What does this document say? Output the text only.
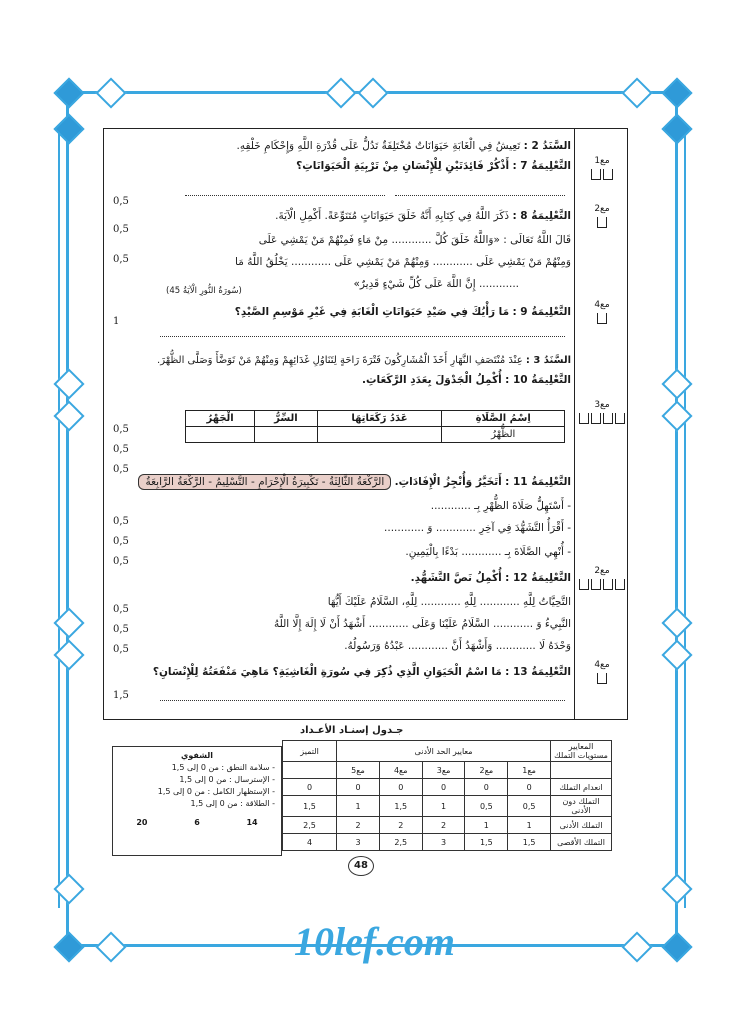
مع1
مع2
مع4
مع3
مع2
مع4
0,5
0,5
0,5
1
0,5
0,5
0,5
0,5
0,5
0,5
0,5
0,5
0,5
1,5
السَّنَدُ 2 : تَعِيشُ فِي الْغَابَةِ حَيَوَانَاتٌ مُخْتَلِفَةٌ تَدُلُّ عَلَى قُدْرَةِ اللَّهِ وَإِحْكَامِ خَلْقِهِ.
التَّعْلِيمَةُ 7 : أَذْكُرْ فَائِدَتَيْنِ لِلْإِنْسَانِ مِنْ تَرْبِيَةِ الْحَيَوَانَاتِ؟
التَّعْلِيمَةُ 8 : ذَكَرَ اللَّهُ فِي كِتَابِهِ أَنَّهُ خَلَقَ حَيَوَانَاتٍ مُتَنَوِّعَةً. أَكْمِلِ الْآيَةَ.
قَالَ اللَّهُ تَعَالَى : «وَاللَّهُ خَلَقَ كُلَّ ............ مِنْ مَاءٍ فَمِنْهُمْ مَنْ يَمْشِي عَلَى
وَمِنْهُمْ مَنْ يَمْشِي عَلَى ............ وَمِنْهُمْ مَنْ يَمْشِي عَلَى ............ يَخْلُقُ اللَّهُ مَا
............ إِنَّ اللَّهَ عَلَى كُلِّ شَيْءٍ قَدِيرٌ»
(سُورَةُ النُّورِ الْآيَةُ 45)
التَّعْلِيمَةُ 9 : مَا رَأْيُكَ فِي صَيْدِ حَيَوَانَاتِ الْغَابَةِ فِي غَيْرِ مَوْسِمِ الصَّيْدِ؟
السَّنَدُ 3 : عِنْدَ مُنْتَصَفِ النَّهَارِ أَخَذَ الْمُشَارِكُونَ فَتْرَةَ رَاحَةٍ لِتَنَاوُلِ غَدَائِهِمْ وَمِنْهُمْ مَنْ تَوَضَّأَ وَصَلَّى الظُّهْرَ.
التَّعْلِيمَةُ 10 : أُكْمِلُ الْجَدْوَلَ بِعَدَدِ الرَّكَعَاتِ.
اِسْمُ الصَّلَاةِ	عَدَدُ رَكَعَاتِهَا	السِّرُّ	الْجَهْرُ
الظُّهْرُ			
التَّعْلِيمَةُ 11 : أَتَخَيَّرُ وَأُنْجِزُ الْإِفَادَاتِ. الرَّكْعَةُ الثَّالِثَةُ - تَكْبِيرَةُ الْإِحْرَامِ - التَّسْلِيمُ - الرَّكْعَةُ الرَّابِعَةُ
- أَسْتَهِلُّ صَلَاةَ الظُّهْرِ بِـ ............
- أَقْرَأُ التَّشَهُّدَ فِي آخِرِ ............ وَ ............
- أُنْهِي الصَّلَاةَ بِـ ............ بَدْءًا بِالْيَمِينِ.
التَّعْلِيمَةُ 12 : أُكْمِلُ نَصَّ التَّشَهُّدِ.
التَّحِيَّاتُ لِلَّهِ ............ لِلَّهِ ............ لِلَّهِ، السَّلَامُ عَلَيْكَ أَيُّهَا
النَّبِيءُ وَ ............ السَّلَامُ عَلَيْنَا وَعَلَى ............ أَشْهَدُ أَنْ لَا إِلَهَ إِلَّا اللَّهُ
وَحْدَهُ لَا ............ وَأَشْهَدُ أَنَّ ............ عَبْدُهُ وَرَسُولُهُ.
التَّعْلِيمَةُ 13 : مَا اسْمُ الْحَيَوَانِ الَّذِي ذُكِرَ فِي سُورَةِ الْغَاشِيَةِ؟ مَاهِيَ مَنْفَعَتُهُ لِلْإِنْسَانِ؟
جـدول إسنـاد الأعـداد
المعايير
مستويات التملك	معايير الحد الأدنى					التميز
	مع1	مع2	مع3	مع4	مع5	
انعدام التملك	0	0	0	0	0	0
التملك دون الأدنى	0,5	0,5	1	1,5	1	1,5
التملك الأدنى	1	1	2	2	2	2,5
التملك الأقصى	1,5	1,5	3	2,5	3	4
الشفوي
- سلامة النطق : من 0 إلى 1,5
- الإسترسال : من 0 إلى 1,5
- الإستظهار الكامل : من 0 إلى 1,5
- الطلاقة : من 0 إلى 1,5
20	6	14
48
10lef.com
